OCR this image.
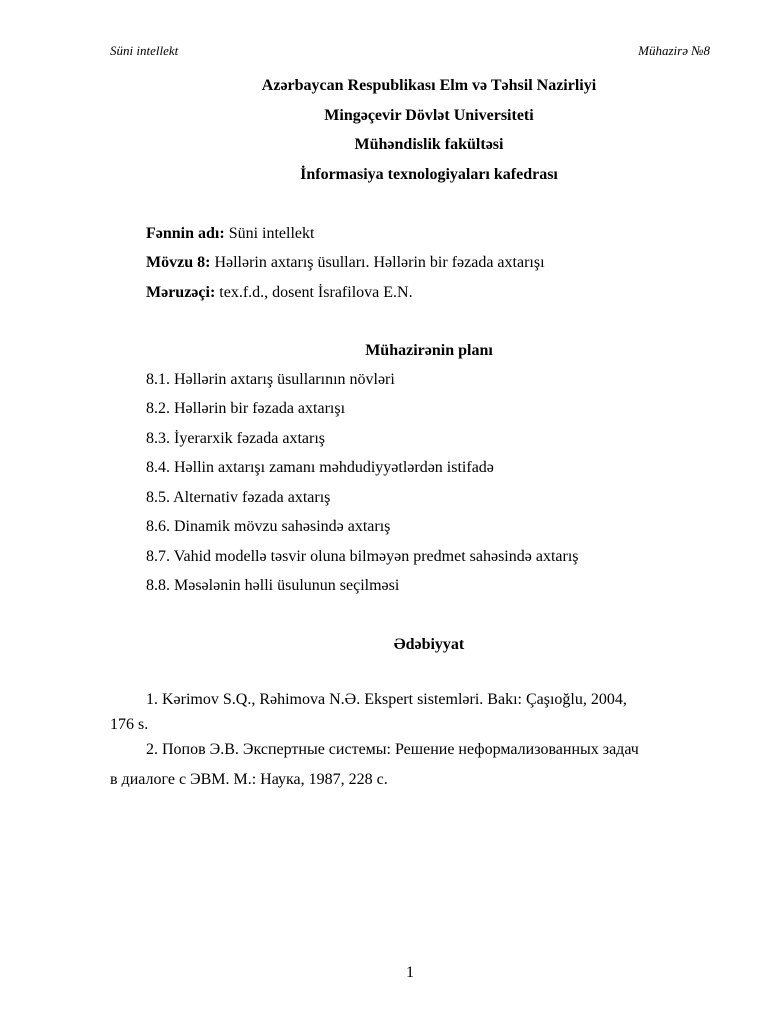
Süni intellekt	Mühazirə №8
Azərbaycan Respublikası Elm və Təhsil Nazirliyi
Mingəçevir Dövlət Universiteti
Mühəndislik fakültəsi
İnformasiya texnologiyaları kafedrası
Fənnin adı: Süni intellekt
Mövzu 8: Həllərin axtarış üsulları. Həllərin bir fəzada axtarışı
Məruzəçi: tex.f.d., dosent İsrafilova E.N.
Mühazirənin planı
8.1. Həllərin axtarış üsullarının növləri
8.2. Həllərin bir fəzada axtarışı
8.3. İyerarxik fəzada axtarış
8.4. Həllin axtarışı zamanı məhdudiyyətlərdən istifadə
8.5. Alternativ fəzada axtarış
8.6. Dinamik mövzu sahəsində axtarış
8.7. Vahid modellə təsvir oluna bilməyən predmet sahəsində axtarış
8.8. Məsələnin həlli üsulunun seçilməsi
Ədəbiyyat
1. Kərimov S.Q., Rəhimova N.Ə. Ekspert sistemləri. Bakı: Çaşıoğlu, 2004,
176 s.
2. Попов Э.В. Экспертные системы: Решение неформализованных задач
в диалоге с ЭВМ. М.: Наука, 1987, 228 с.
1
